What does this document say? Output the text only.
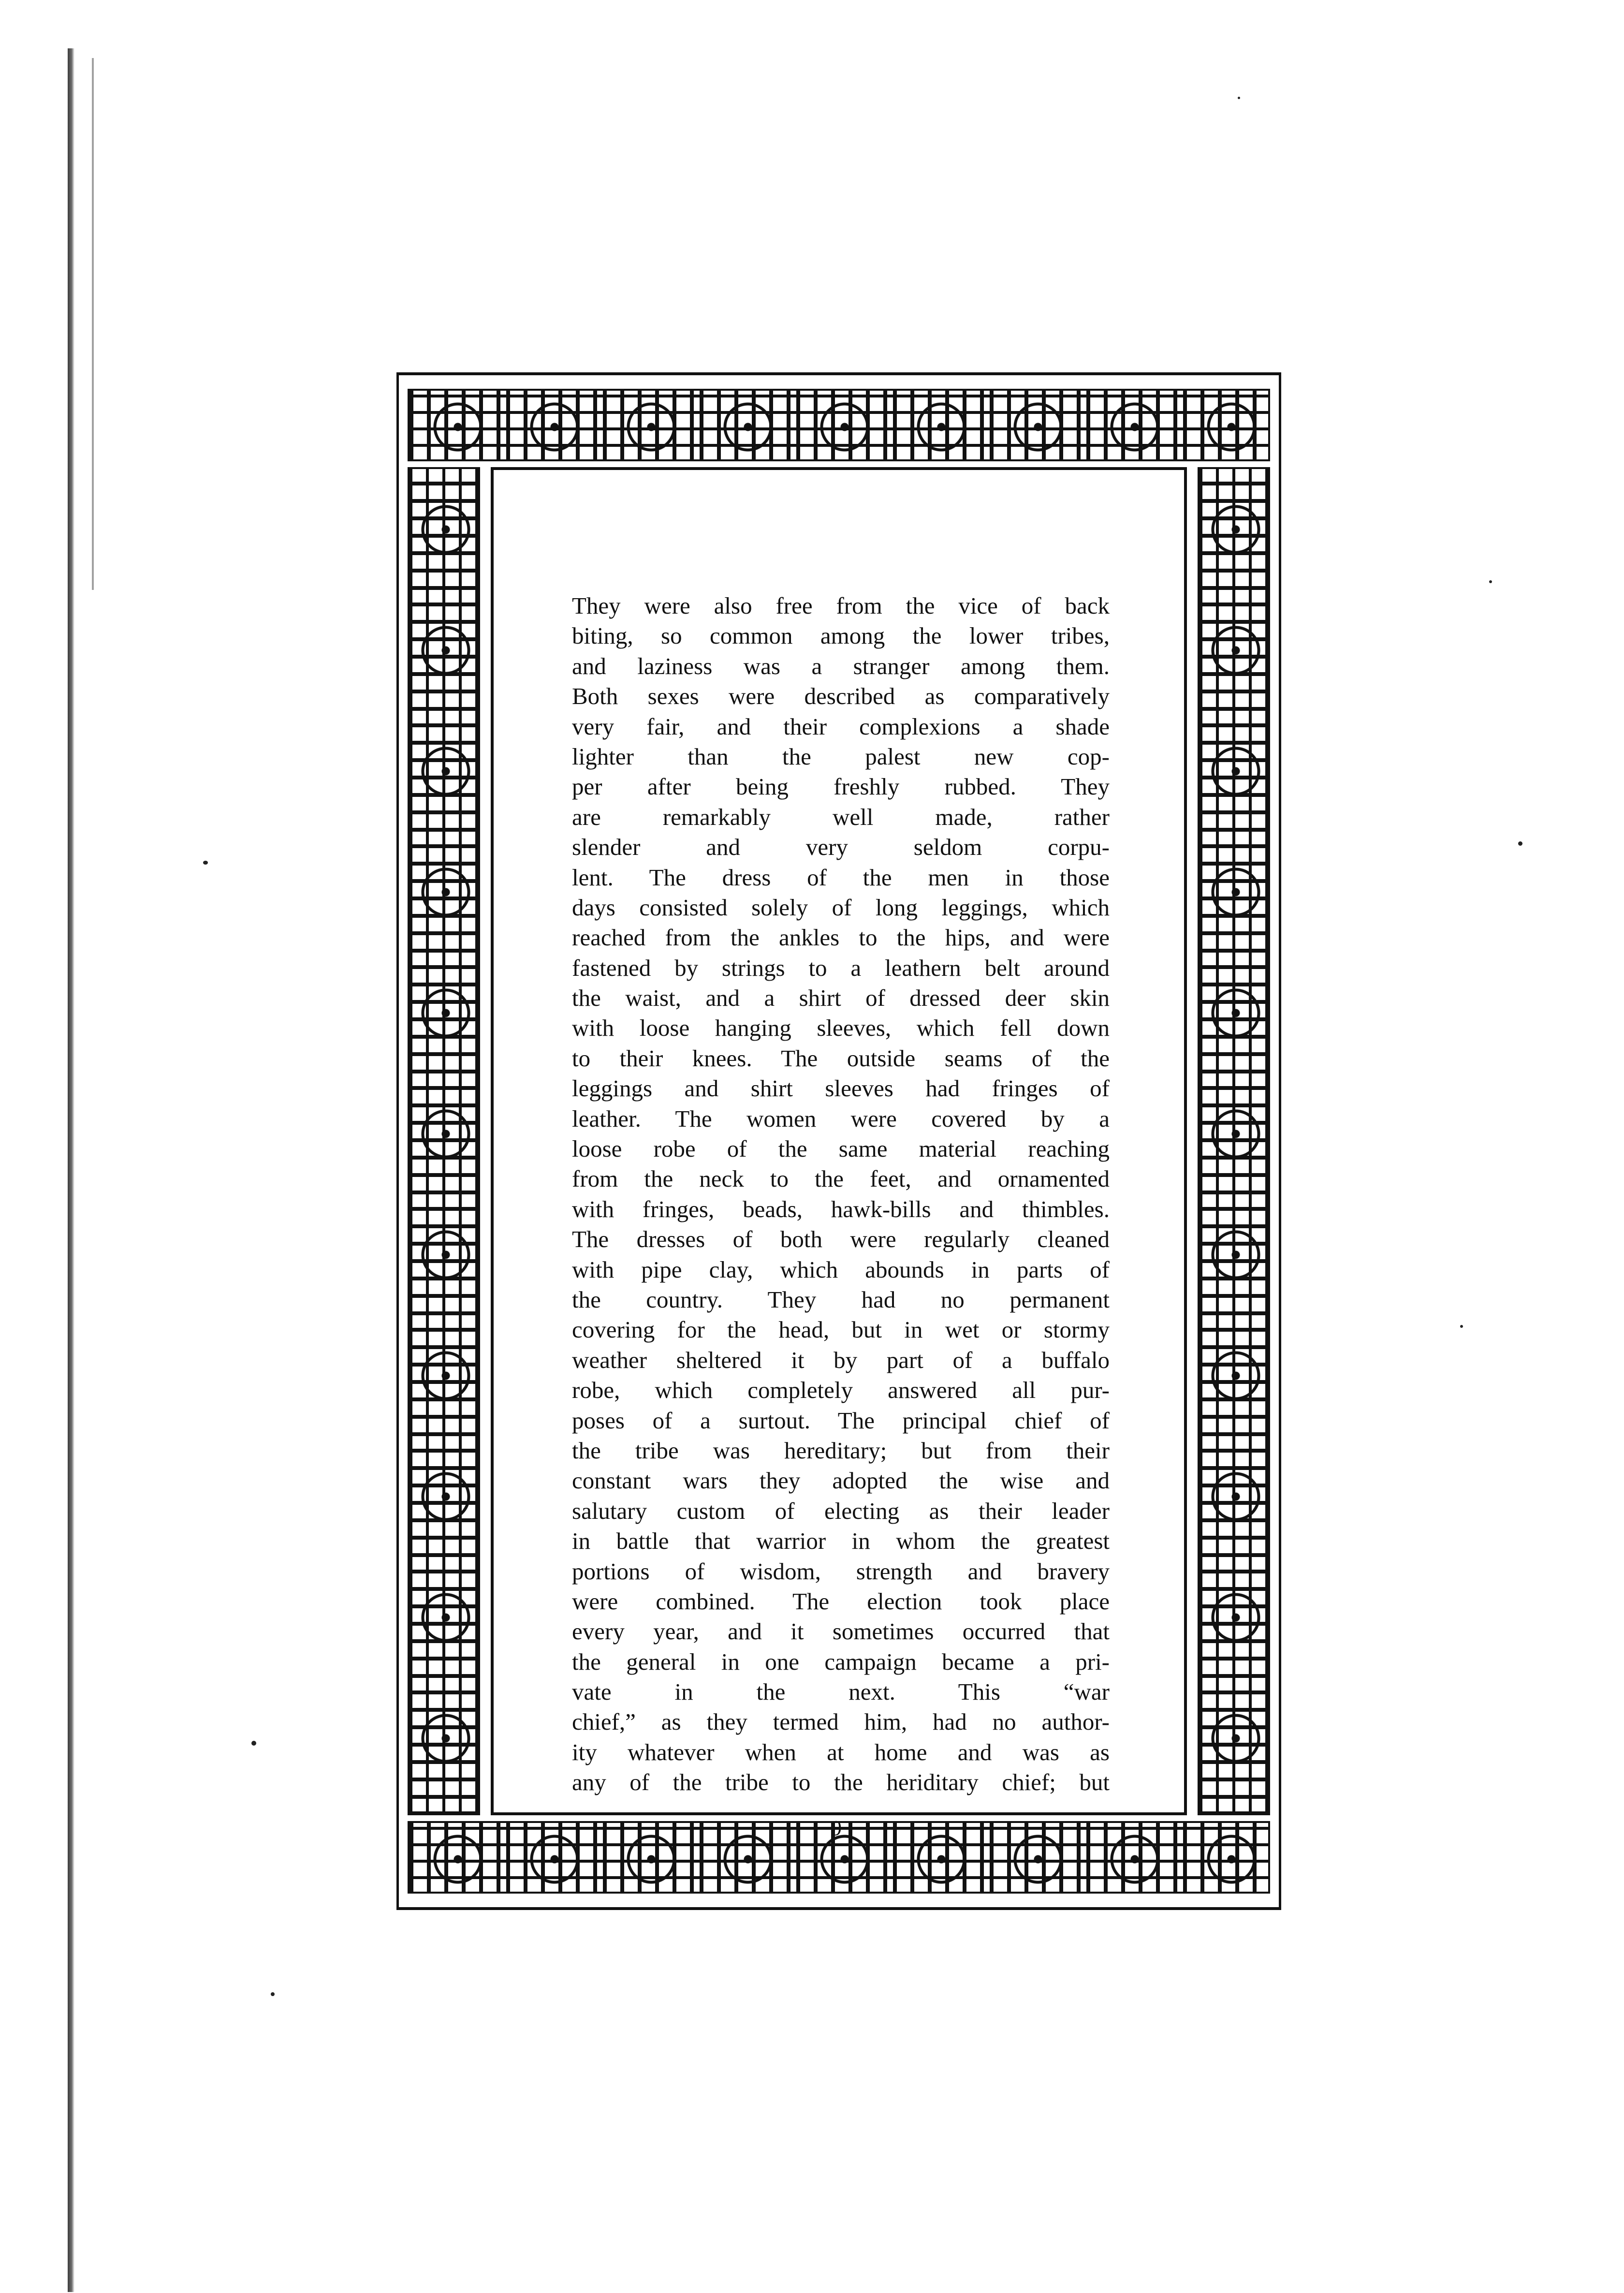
They were also free from the vice of back
biting, so common among the lower tribes,
and laziness was a stranger among them.
Both sexes were described as comparatively
very fair, and their complexions a shade
lighter than the palest new cop-
per after being freshly rubbed. They
are remarkably well made, rather
slender and very seldom corpu-
lent. The dress of the men in those
days consisted solely of long leggings, which
reached from the ankles to the hips, and were
fastened by strings to a leathern belt around
the waist, and a shirt of dressed deer skin
with loose hanging sleeves, which fell down
to their knees. The outside seams of the
leggings and shirt sleeves had fringes of
leather. The women were covered by a
loose robe of the same material reaching
from the neck to the feet, and ornamented
with fringes, beads, hawk-bills and thimbles.
The dresses of both were regularly cleaned
with pipe clay, which abounds in parts of
the country. They had no permanent
covering for the head, but in wet or stormy
weather sheltered it by part of a buffalo
robe, which completely answered all pur-
poses of a surtout. The principal chief of
the tribe was hereditary; but from their
constant wars they adopted the wise and
salutary custom of electing as their leader
in battle that warrior in whom the greatest
portions of wisdom, strength and bravery
were combined. The election took place
every year, and it sometimes occurred that
the general in one campaign became a pri-
vate in the next. This “war
chief,” as they termed him, had no author-
ity whatever when at home and was as
any of the tribe to the heriditary chief; but
9
